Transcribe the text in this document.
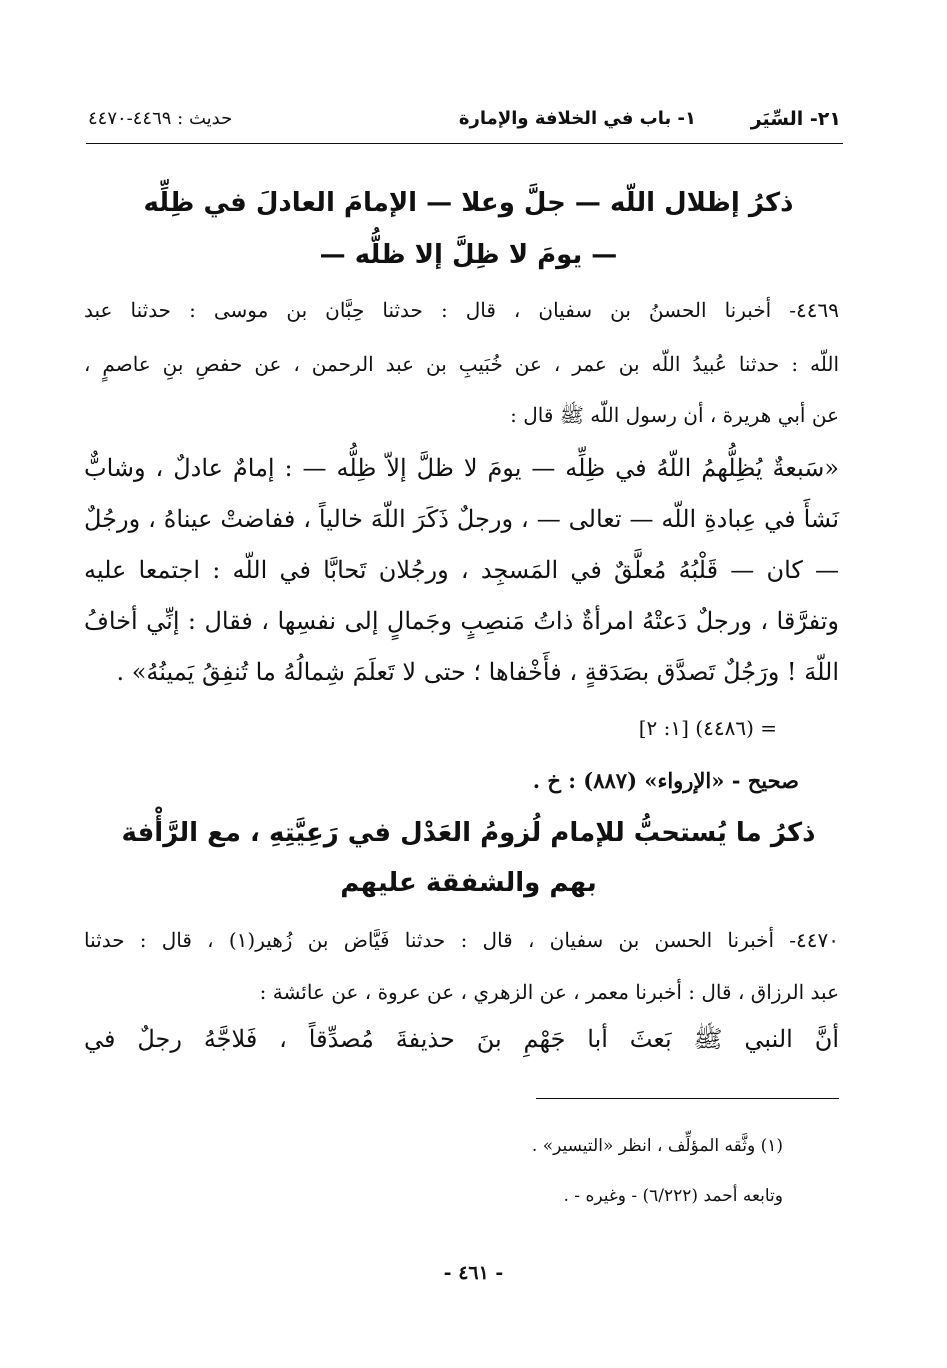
٢١- السِّيَر
١- باب في الخلافة والإمارة
حديث : ٤٤٦٩-٤٤٧٠
ذكرُ إظلال اللّه — جلَّ وعلا — الإمامَ العادلَ في ظِلِّه
— يومَ لا ظِلَّ إلا ظلُّه —
٤٤٦٩- أخبرنا الحسنُ بن سفيان ، قال : حدثنا حِبَّان بن موسى : حدثنا عبد
اللّه : حدثنا عُبيدُ اللّه بن عمر ، عن خُبَيبِ بن عبد الرحمن ، عن حفصِ بنِ عاصمٍ ،
عن أبي هريرة ، أن رسول اللّه ﷺ قال :
«سَبعةٌ يُظِلُّهمُ اللّهُ في ظِلِّه — يومَ لا ظلَّ إلاّ ظِلُّه — : إمامٌ عادلٌ ، وشابٌّ
نَشأَ في عِبادةِ اللّه — تعالى — ، ورجلٌ ذَكَرَ اللّهَ خالياً ، ففاضتْ عيناهُ ، ورجُلٌ
— كان — قَلْبُهُ مُعلَّقٌ في المَسجِد ، ورجُلان تَحابَّا في اللّه : اجتمعا عليه
وتفرَّقا ، ورجلٌ دَعتْهُ امرأةٌ ذاتُ مَنصِبٍ وجَمالٍ إلى نفسِها ، فقال : إنِّي أخافُ
اللّهَ ! ورَجُلٌ تَصدَّق بصَدَقةٍ ، فأَخْفاها ؛ حتى لا تَعلَمَ شِمالُهُ ما تُنفِقُ يَمينُهُ» .
= (٤٤٨٦) [١: ٢]
صحيح - «الإرواء» (٨٨٧) : خ .
ذكرُ ما يُستحبُّ للإمام لُزومُ العَدْل في رَعِيَّتِهِ ، مع الرَّأْفة
بهم والشفقة عليهم
٤٤٧٠- أخبرنا الحسن بن سفيان ، قال : حدثنا فَيَّاض بن زُهير(١) ، قال : حدثنا
عبد الرزاق ، قال : أخبرنا معمر ، عن الزهري ، عن عروة ، عن عائشة :
أنَّ النبي ﷺ بَعثَ أبا جَهْمِ بنَ حذيفةَ مُصدِّقاً ، فَلاجَّهُ رجلٌ في
(١) وثَّقه المؤلِّف ، انظر «التيسير» .
وتابعه أحمد (٦/٢٢٢) - وغيره - .
- ٤٦١ -
